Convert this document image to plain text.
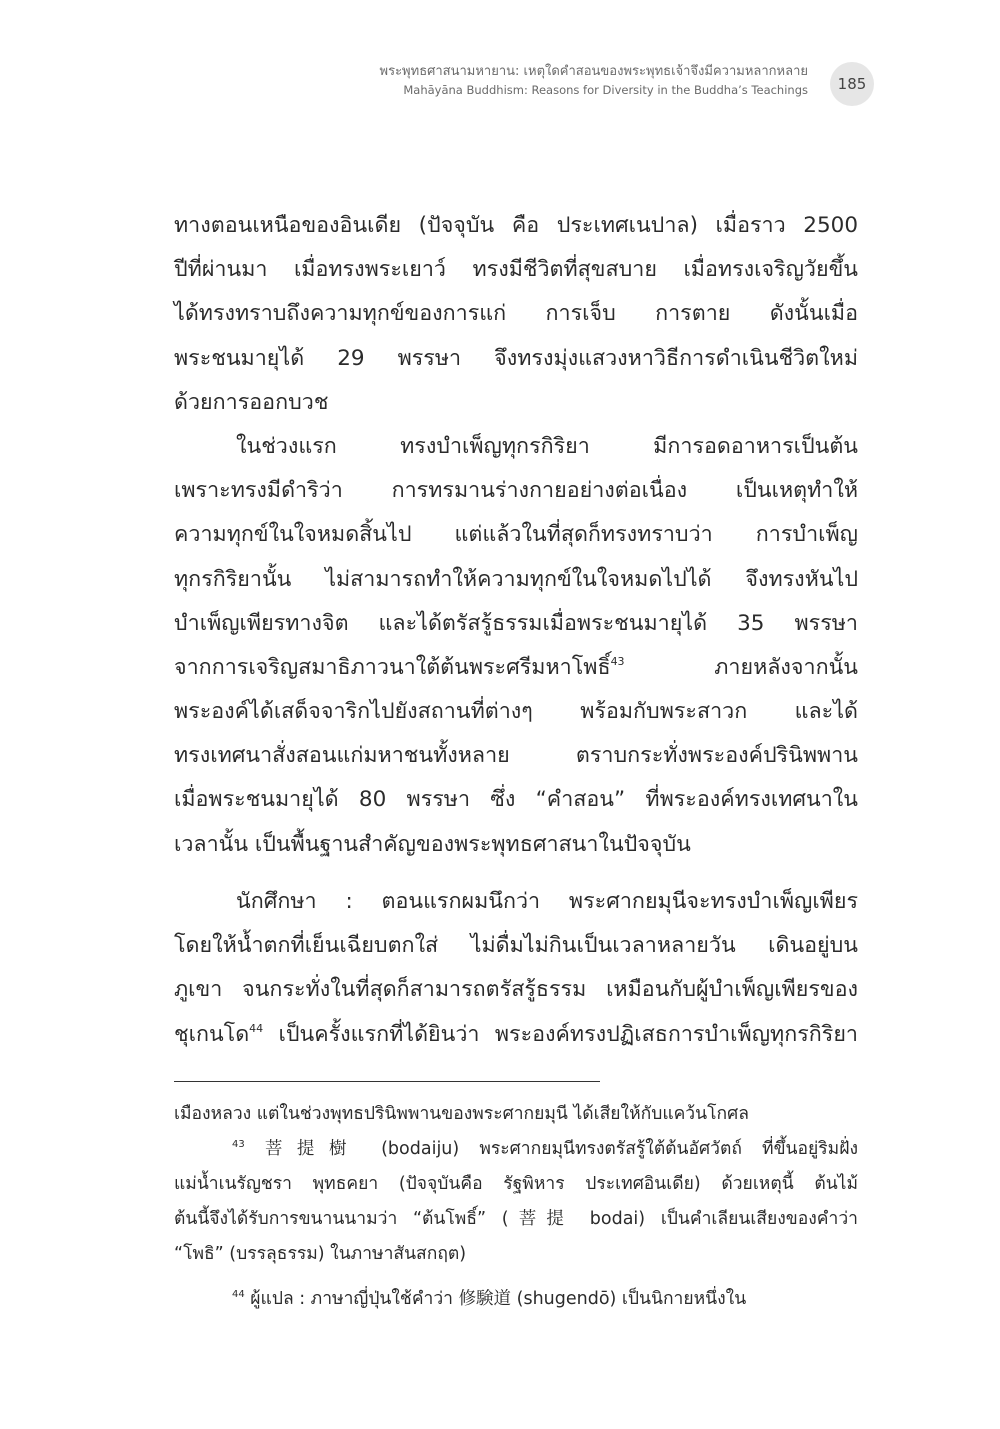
พระพุทธศาสนามหายาน: เหตุใดคำสอนของพระพุทธเจ้าจึงมีความหลากหลาย
Mahāyāna Buddhism: Reasons for Diversity in the Buddha’s Teachings	185
ทางตอนเหนือของอินเดีย (ปัจจุบัน คือ ประเทศเนปาล) เมื่อราว 2500
ปีที่ผ่านมา เมื่อทรงพระเยาว์ ทรงมีชีวิตที่สุขสบาย เมื่อทรงเจริญวัยขึ้น
ได้ทรงทราบถึงความทุกข์ของการแก่ การเจ็บ การตาย ดังนั้นเมื่อ
พระชนมายุได้ 29 พรรษา จึงทรงมุ่งแสวงหาวิธีการดำเนินชีวิตใหม่
ด้วยการออกบวช
ในช่วงแรก ทรงบำเพ็ญทุกรกิริยา มีการอดอาหารเป็นต้น
เพราะทรงมีดำริว่า การทรมานร่างกายอย่างต่อเนื่อง เป็นเหตุทำให้
ความทุกข์ในใจหมดสิ้นไป แต่แล้วในที่สุดก็ทรงทราบว่า การบำเพ็ญ
ทุกรกิริยานั้น ไม่สามารถทำให้ความทุกข์ในใจหมดไปได้ จึงทรงหันไป
บำเพ็ญเพียรทางจิต และได้ตรัสรู้ธรรมเมื่อพระชนมายุได้ 35 พรรษา
จากการเจริญสมาธิภาวนาใต้ต้นพระศรีมหาโพธิ์$^{43}$ ภายหลังจากนั้น
พระองค์ได้เสด็จจาริกไปยังสถานที่ต่างๆ พร้อมกับพระสาวก และได้
ทรงเทศนาสั่งสอนแก่มหาชนทั้งหลาย ตราบกระทั่งพระองค์ปรินิพพาน
เมื่อพระชนมายุได้ 80 พรรษา ซึ่ง “คำสอน” ที่พระองค์ทรงเทศนาใน
เวลานั้น เป็นพื้นฐานสำคัญของพระพุทธศาสนาในปัจจุบัน
นักศึกษา : ตอนแรกผมนึกว่า พระศากยมุนีจะทรงบำเพ็ญเพียร
โดยให้น้ำตกที่เย็นเฉียบตกใส่ ไม่ดื่มไม่กินเป็นเวลาหลายวัน เดินอยู่บน
ภูเขา จนกระทั่งในที่สุดก็สามารถตรัสรู้ธรรม เหมือนกับผู้บำเพ็ญเพียรของ
ชุเกนโด$^{44}$ เป็นครั้งแรกที่ได้ยินว่า พระองค์ทรงปฏิเสธการบำเพ็ญทุกรกิริยา
เมืองหลวง แต่ในช่วงพุทธปรินิพพานของพระศากยมุนี ได้เสียให้กับแคว้นโกศล
$^{43}$ 菩提樹 (bodaiju) พระศากยมุนีทรงตรัสรู้ใต้ต้นอัศวัตถ์ ที่ขึ้นอยู่ริมฝั่ง
แม่น้ำเนรัญชรา พุทธคยา (ปัจจุบันคือ รัฐพิหาร ประเทศอินเดีย) ด้วยเหตุนี้ ต้นไม้
ต้นนี้จึงได้รับการขนานนามว่า “ต้นโพธิ์” (菩提 bodai) เป็นคำเลียนเสียงของคำว่า
“โพธิ” (บรรลุธรรม) ในภาษาสันสกฤต)
$^{44}$ ผู้แปล : ภาษาญี่ปุ่นใช้คำว่า 修験道 (shugendō) เป็นนิกายหนึ่งใน
